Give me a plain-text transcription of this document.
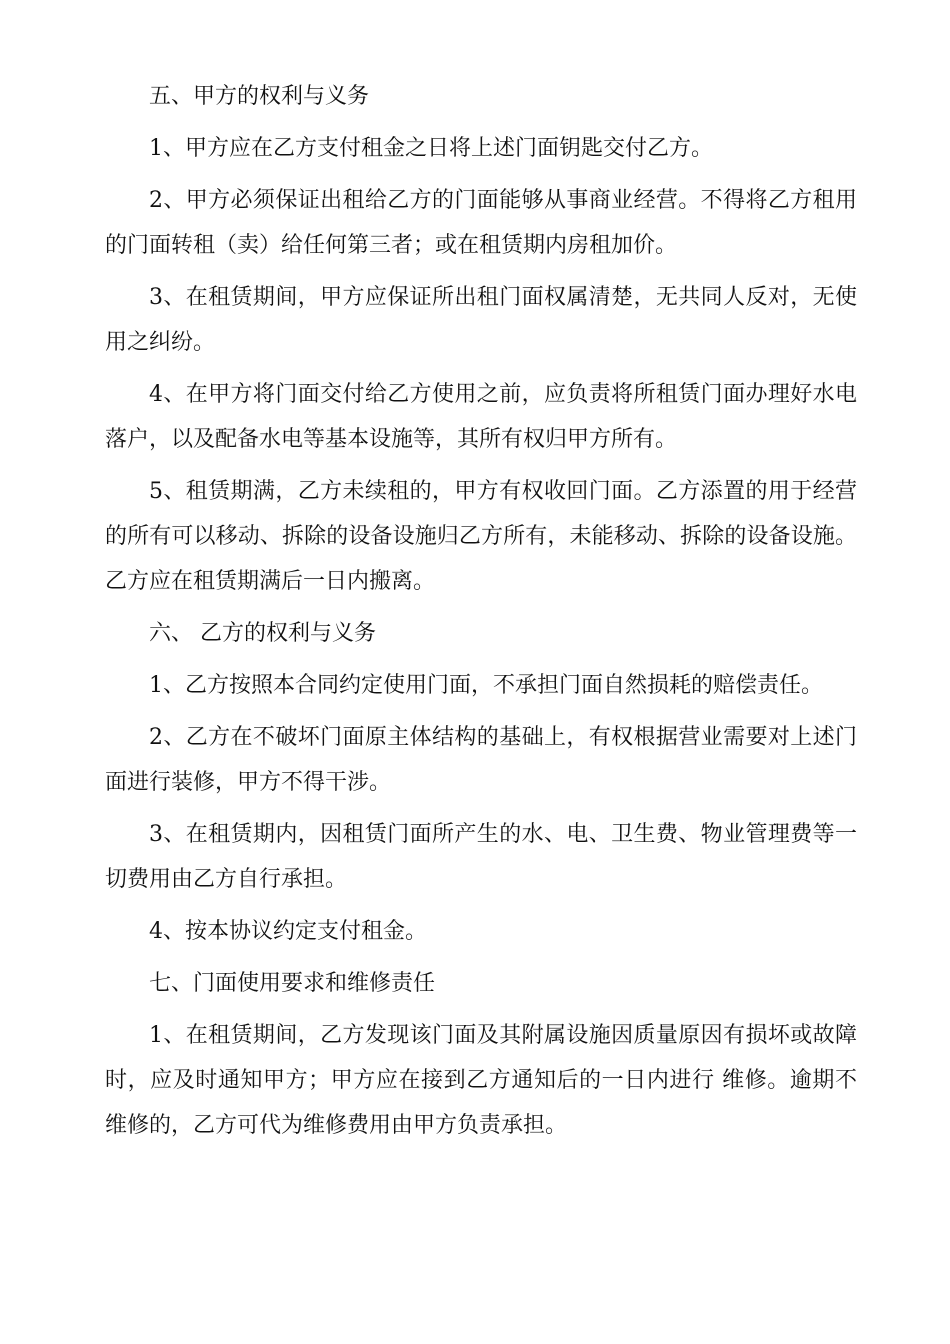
五、甲方的权利与义务

1、甲方应在乙方支付租金之日将上述门面钥匙交付乙方。

2、甲方必须保证出租给乙方的门面能够从事商业经营。不得将乙方租用的门面转租（卖）给任何第三者；或在租赁期内房租加价。

3、在租赁期间，甲方应保证所出租门面权属清楚，无共同人反对，无使用之纠纷。

4、在甲方将门面交付给乙方使用之前，应负责将所租赁门面办理好水电落户，以及配备水电等基本设施等，其所有权归甲方所有。

5、租赁期满，乙方未续租的，甲方有权收回门面。乙方添置的用于经营的所有可以移动、拆除的设备设施归乙方所有，未能移动、拆除的设备设施。乙方应在租赁期满后一日内搬离。

六、 乙方的权利与义务

1、乙方按照本合同约定使用门面，不承担门面自然损耗的赔偿责任。

2、乙方在不破坏门面原主体结构的基础上，有权根据营业需要对上述门面进行装修，甲方不得干涉。

3、在租赁期内，因租赁门面所产生的水、电、卫生费、物业管理费等一切费用由乙方自行承担。

4、按本协议约定支付租金。

七、门面使用要求和维修责任

1、在租赁期间，乙方发现该门面及其附属设施因质量原因有损坏或故障时，应及时通知甲方；甲方应在接到乙方通知后的一日内进行 维修。逾期不维修的，乙方可代为维修费用由甲方负责承担。
